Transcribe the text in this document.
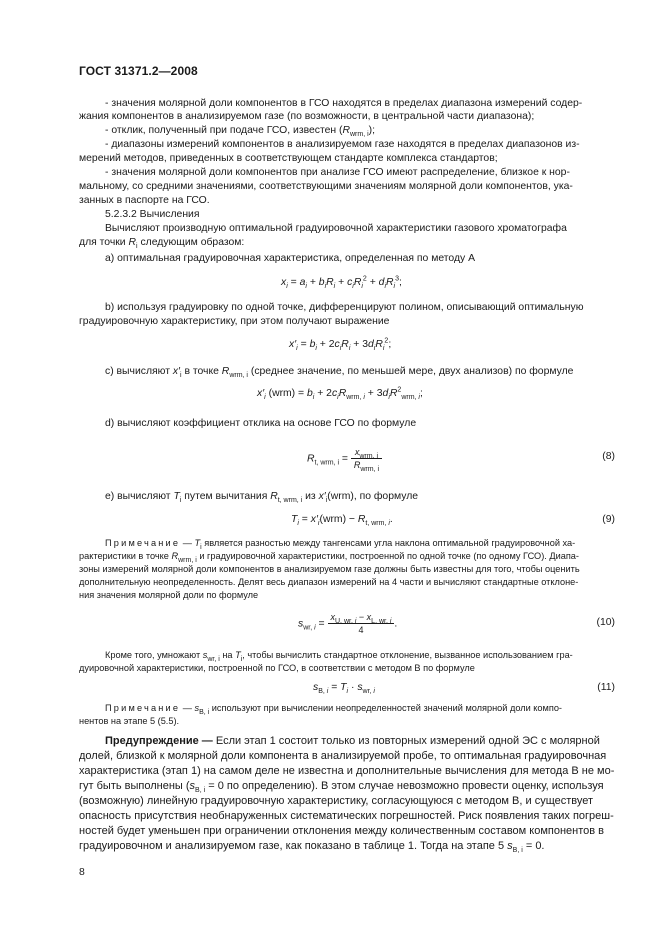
ГОСТ 31371.2—2008
- значения молярной доли компонентов в ГСО находятся в пределах диапазона измерений содер-
жания компонентов в анализируемом газе (по возможности, в центральной части диапазона);
- отклик, полученный при подаче ГСО, известен $(R_{wrm, i})$;
- диапазоны измерений компонентов в анализируемом газе находятся в пределах диапазонов из-
мерений методов, приведенных в соответствующем стандарте комплекса стандартов;
- значения молярной доли компонентов при анализе ГСО имеют распределение, близкое к нор-
мальному, со средними значениями, соответствующими значениям молярной доли компонентов, ука-
занных в паспорте на ГСО.
5.2.3.2 Вычисления
Вычисляют производную оптимальной градуировочной характеристики газового хроматографа
для точки $R_i$ следующим образом:
а) оптимальная градуировочная характеристика, определенная по методу А
$x_i = a_i + b_iR_i + c_iR_i^2 + d_iR_i^3$;
b) используя градуировку по одной точке, дифференцируют полином, описывающий оптимальную
градуировочную характеристику, при этом получают выражение
$x'_i = b_i + 2c_iR_i + 3d_iR_i^2$;
с) вычисляют $x'_i$ в точке $R_{wrm, i}$ (среднее значение, по меньшей мере, двух анализов) по формуле
$x'_i$ $(wrm) = b_i + 2c_iR_{wrm, i} + 3d_iR^2_{wrm, i}$;
d) вычисляют коэффициент отклика на основе ГСО по формуле
$R_{t, wrm, i} = \frac{x_{wrm, i}}{R_{wrm, i}}$	(8)
е) вычисляют $T_i$ путем вычитания $R_{t, wrm, i}$ из $x'_i(wrm)$, по формуле
$T_i = x'_i(wrm) - R_{t, wrm, i}$.	(9)
Примечание — $T_i$ является разностью между тангенсами угла наклона оптимальной градуировочной ха-
рактеристики в точке $R_{wrm, i}$ и градуировочной характеристики, построенной по одной точке (по одному ГСО). Диапа-
зоны измерений молярной доли компонентов в анализируемом газе должны быть известны для того, чтобы оценить
дополнительную неопределенность. Делят весь диапазон измерений на 4 части и вычисляют стандартные отклоне-
ния значения молярной доли по формуле
$s_{wr, i} = \frac{x_{U, wr, i} - x_{L, wr, i}}{4}$ .	(10)
Кроме того, умножают $s_{wr, i}$ на $T_i$, чтобы вычислить стандартное отклонение, вызванное использованием гра-
дуировочной характеристики, построенной по ГСО, в соответствии с методом В по формуле
$s_{B, i} = T_i \cdot s_{wr, i}$	(11)
Примечание — $s_{B, i}$ используют при вычислении неопределенностей значений молярной доли компо-
нентов на этапе 5 (5.5).
Предупреждение — Если этап 1 состоит только из повторных измерений одной ЭС с молярной
долей, близкой к молярной доли компонента в анализируемой пробе, то оптимальная градуировочная
характеристика (этап 1) на самом деле не известна и дополнительные вычисления для метода В не мо-
гут быть выполнены ($s_{B, i} = 0$ по определению). В этом случае невозможно провести оценку, используя
(возможную) линейную градуировочную характеристику, согласующуюся с методом В, и существует
опасность присутствия необнаруженных систематических погрешностей. Риск появления таких погреш-
ностей будет уменьшен при ограничении отклонения между количественным составом компонентов в
градуировочном и анализируемом газе, как показано в таблице 1. Тогда на этапе 5 $s_{B, i} = 0$.
8
